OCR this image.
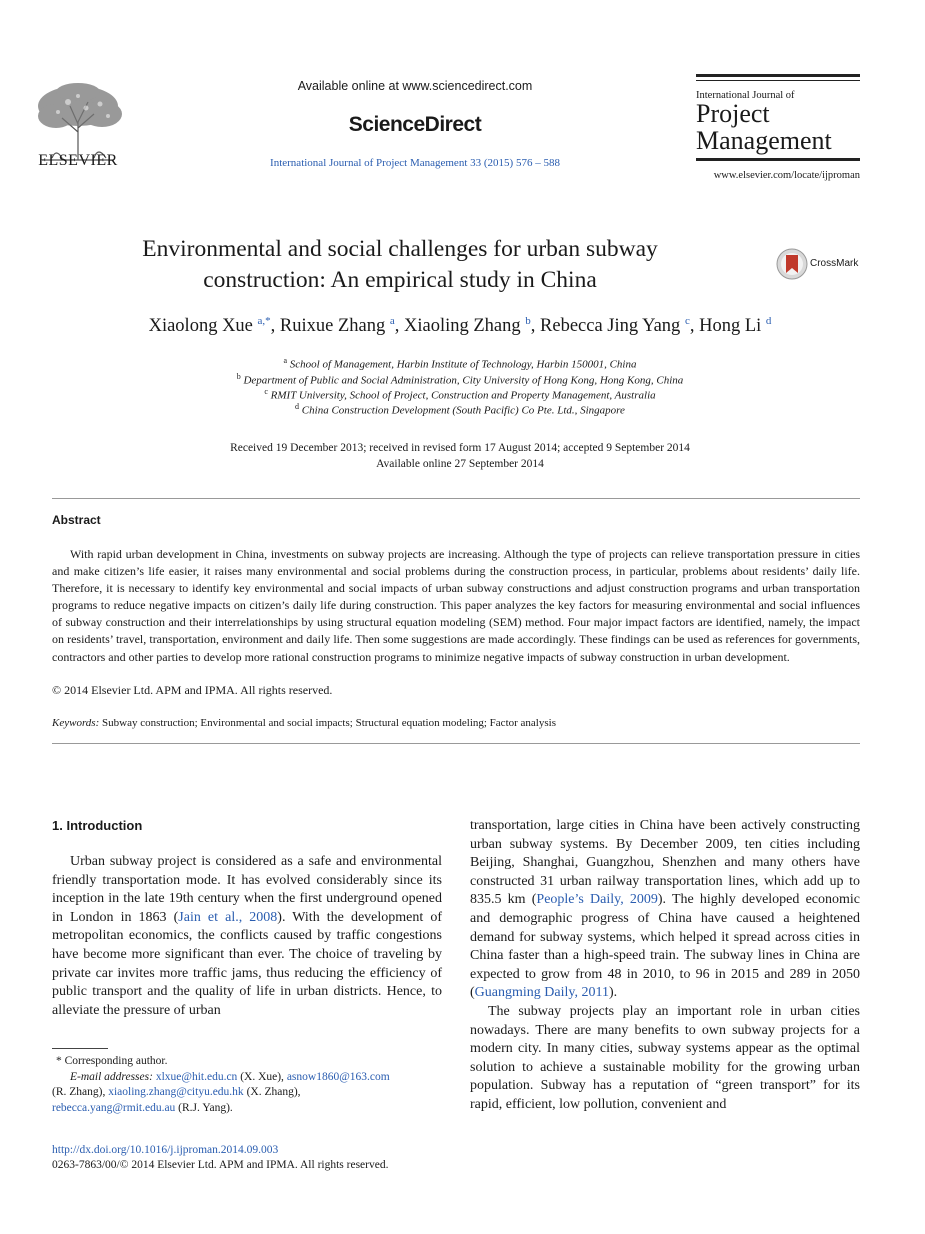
ELSEVIER
Available online at www.sciencedirect.com
ScienceDirect
International Journal of Project Management 33 (2015) 576 – 588
International Journal of
Project
Management
www.elsevier.com/locate/ijproman
Environmental and social challenges for urban subway
construction: An empirical study in China
CrossMark
Xiaolong Xue $^{a,*}$, Ruixue Zhang $^a$, Xiaoling Zhang $^b$, Rebecca Jing Yang $^c$, Hong Li $^d$
$^a$ School of Management, Harbin Institute of Technology, Harbin 150001, China
$^b$ Department of Public and Social Administration, City University of Hong Kong, Hong Kong, China
$^c$ RMIT University, School of Project, Construction and Property Management, Australia
$^d$ China Construction Development (South Pacific) Co Pte. Ltd., Singapore
Received 19 December 2013; received in revised form 17 August 2014; accepted 9 September 2014
Available online 27 September 2014
Abstract
With rapid urban development in China, investments on subway projects are increasing. Although the type of projects can relieve transportation pressure in cities and make citizen’s life easier, it raises many environmental and social problems during the construction process, in particular, problems about residents’ daily life. Therefore, it is necessary to identify key environmental and social impacts of urban subway constructions and adjust construction programs and urban transportation programs to reduce negative impacts on citizen’s daily life during construction. This paper analyzes the key factors for measuring environmental and social influences of subway construction and their interrelationships by using structural equation modeling (SEM) method. Four major impact factors are identified, namely, the impact on residents’ travel, transportation, environment and daily life. Then some suggestions are made accordingly. These findings can be used as references for governments, contractors and other parties to develop more rational construction programs to minimize negative impacts of subway construction in urban development.
© 2014 Elsevier Ltd. APM and IPMA. All rights reserved.
Keywords: Subway construction; Environmental and social impacts; Structural equation modeling; Factor analysis
1. Introduction

Urban subway project is considered as a safe and environmental friendly transportation mode. It has evolved considerably since its inception in the late 19th century when the first underground opened in London in 1863 (Jain et al., 2008). With the development of metropolitan economics, the conflicts caused by traffic congestions have become more significant than ever. The choice of traveling by private car invites more traffic jams, thus reducing the efficiency of public transport and the quality of life in urban districts. Hence, to alleviate the pressure of urban

transportation, large cities in China have been actively constructing urban subway systems. By December 2009, ten cities including Beijing, Shanghai, Guangzhou, Shenzhen and many others have constructed 31 urban railway transportation lines, which add up to 835.5 km (People’s Daily, 2009). The highly developed economic and demographic progress of China have caused a heightened demand for subway systems, which helped it spread across cities in China faster than a high-speed train. The subway lines in China are expected to grow from 48 in 2010, to 96 in 2015 and 289 in 2050 (Guangming Daily, 2011).

The subway projects play an important role in urban cities nowadays. There are many benefits to own subway projects for a modern city. In many cities, subway systems appear as the optimal solution to achieve a sustainable mobility for the growing urban population. Subway has a reputation of “green transport” for its rapid, efficient, low pollution, convenient and

* Corresponding author.
E-mail addresses: xlxue@hit.edu.cn (X. Xue), asnow1860@163.com
(R. Zhang), xiaoling.zhang@cityu.edu.hk (X. Zhang),
rebecca.yang@rmit.edu.au (R.J. Yang).
http://dx.doi.org/10.1016/j.ijproman.2014.09.003
0263-7863/00/© 2014 Elsevier Ltd. APM and IPMA. All rights reserved.
